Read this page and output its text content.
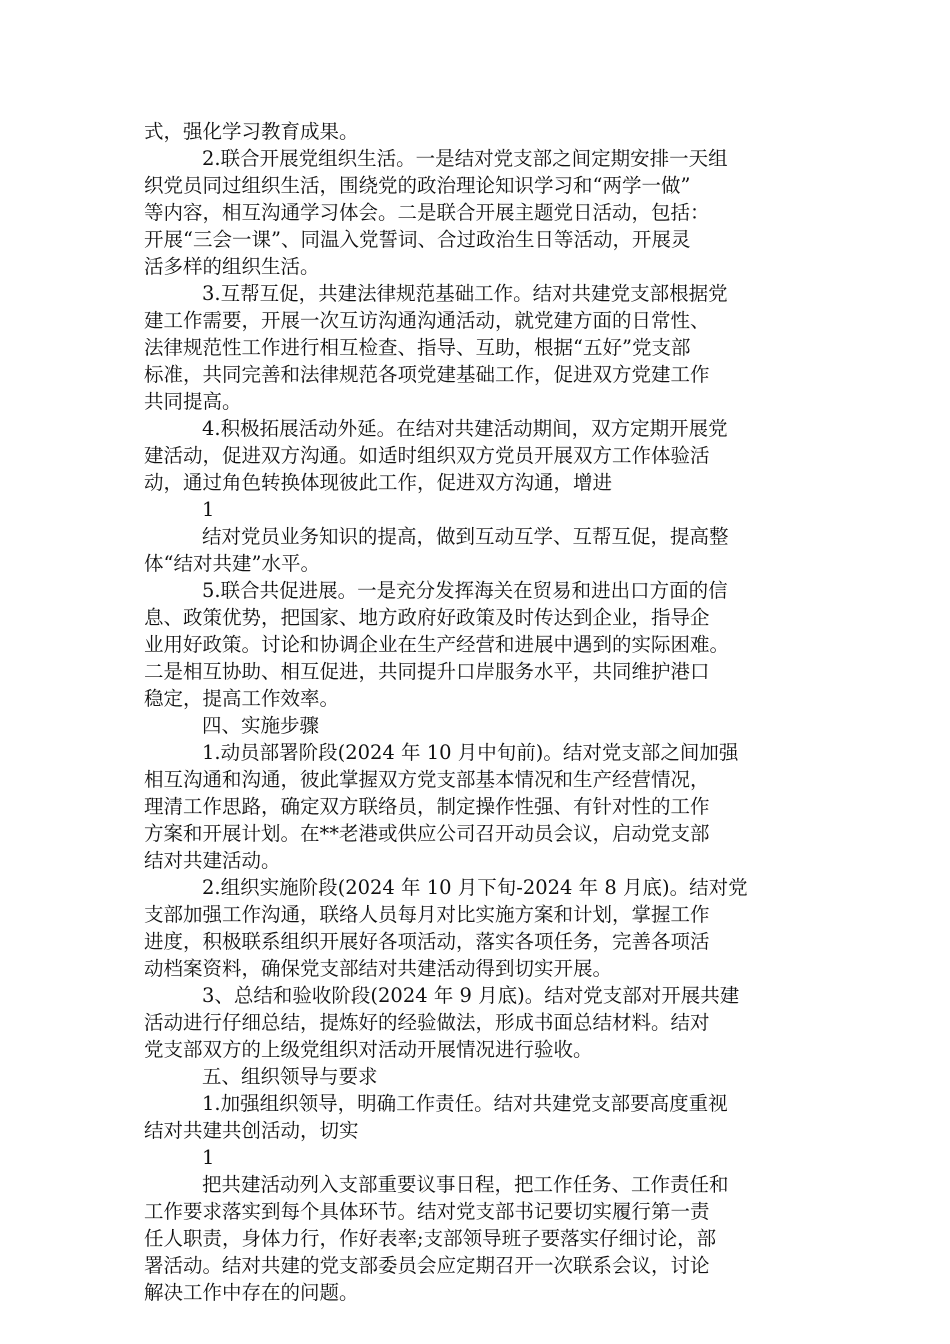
式，强化学习教育成果。
2.联合开展党组织生活。一是结对党支部之间定期安排一天组
织党员同过组织生活，围绕党的政治理论知识学习和“两学一做”
等内容，相互沟通学习体会。二是联合开展主题党日活动，包括：
开展“三会一课”、同温入党誓词、合过政治生日等活动，开展灵
活多样的组织生活。
3.互帮互促，共建法律规范基础工作。结对共建党支部根据党
建工作需要，开展一次互访沟通沟通活动，就党建方面的日常性、
法律规范性工作进行相互检查、指导、互助，根据“五好”党支部
标准，共同完善和法律规范各项党建基础工作，促进双方党建工作
共同提高。
4.积极拓展活动外延。在结对共建活动期间，双方定期开展党
建活动，促进双方沟通。如适时组织双方党员开展双方工作体验活
动，通过角色转换体现彼此工作，促进双方沟通，增进
1
结对党员业务知识的提高，做到互动互学、互帮互促，提高整
体“结对共建”水平。
5.联合共促进展。一是充分发挥海关在贸易和进出口方面的信
息、政策优势，把国家、地方政府好政策及时传达到企业，指导企
业用好政策。讨论和协调企业在生产经营和进展中遇到的实际困难。
二是相互协助、相互促进，共同提升口岸服务水平，共同维护港口
稳定，提高工作效率。
四、实施步骤
1.动员部署阶段(2024 年 10 月中旬前)。结对党支部之间加强
相互沟通和沟通，彼此掌握双方党支部基本情况和生产经营情况，
理清工作思路，确定双方联络员，制定操作性强、有针对性的工作
方案和开展计划。在**老港或供应公司召开动员会议，启动党支部
结对共建活动。
2.组织实施阶段(2024 年 10 月下旬-2024 年 8 月底)。结对党
支部加强工作沟通，联络人员每月对比实施方案和计划，掌握工作
进度，积极联系组织开展好各项活动，落实各项任务，完善各项活
动档案资料，确保党支部结对共建活动得到切实开展。
3、总结和验收阶段(2024 年 9 月底)。结对党支部对开展共建
活动进行仔细总结，提炼好的经验做法，形成书面总结材料。结对
党支部双方的上级党组织对活动开展情况进行验收。
五、组织领导与要求
1.加强组织领导，明确工作责任。结对共建党支部要高度重视
结对共建共创活动，切实
1
把共建活动列入支部重要议事日程，把工作任务、工作责任和
工作要求落实到每个具体环节。结对党支部书记要切实履行第一责
任人职责，身体力行，作好表率;支部领导班子要落实仔细讨论，部
署活动。结对共建的党支部委员会应定期召开一次联系会议，讨论
解决工作中存在的问题。
